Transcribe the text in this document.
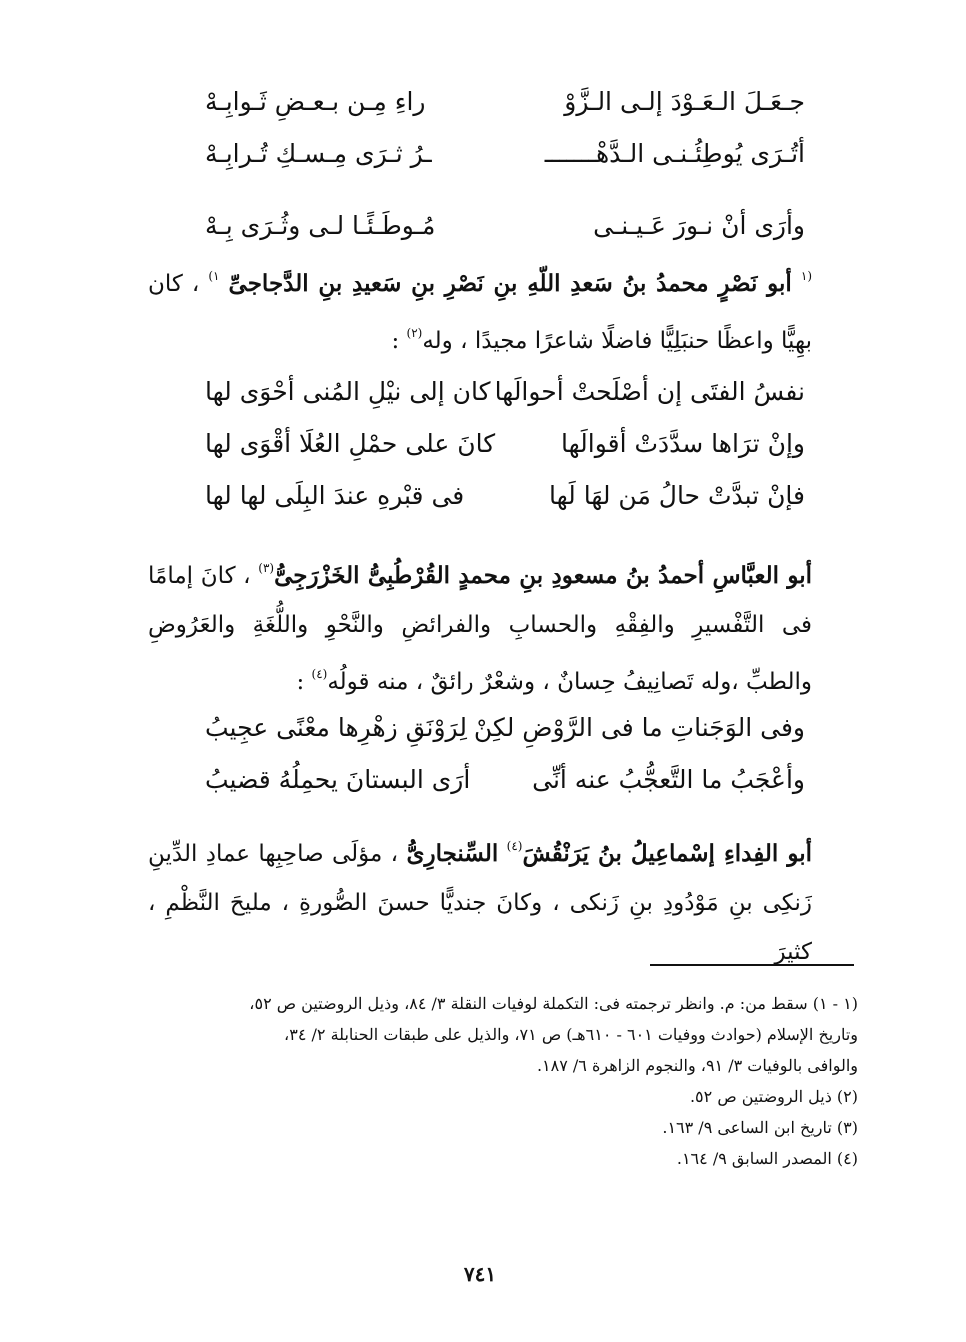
جـعَـلَ الـعَـوْدَ إلـى الـزَّوْ
راءِ مِـن بـعـضِ ثَـوابِـهْ
أتُـرَى يُوطِئُـنـى الـدَّهْـــــــ
ـرُ ثـرَى مِـسـكِ تُـرابِـهْ
وأرَى أنْ نـورَ عَـيـنـى
مُـوطَـئًـا لـى وثُـرَى بِـهْ
$^{(١}$ أبو نَصْرٍ محمدُ بنُ سَعدِ اللّهِ بنِ نَصْرِ بنِ سَعيدِ بنِ الدَّجاجىِّ $^{١)}$ ، كان بهِيًّا واعظًا حنبَلِيًّا فاضلًا شاعرًا مجيدًا ، وله$^{(٢)}$ :
نفسُ الفتَى إن أصْلَحتْ أحوالَها
كان إلى نيْلِ المُنى أحْوَى لها
وإنْ ترَاها سدَّدَتْ أقوالَها
كانَ على حمْلِ العُلَا أقْوَى لها
فإنْ تبدَّتْ حالُ مَن لهَا لَها
فى قبْرهِ عندَ البِلَى لها لها
أبو العبَّاسِ أحمدُ بنُ مسعودِ بنِ محمدٍ القُرْطُبِىُّ الخَزْرَجِىُّ$^{(٣)}$ ، كانَ إمامًا فى التَّفْسيرِ والفِقْهِ والحسابِ والفرائضِ والنَّحْوِ واللُّغَةِ والعَرُوضِ والطبِّ ،وله تَصانِيفُ حِسانٌ ، وشعْرٌ رائقٌ ، منه قولُه$^{(٤)}$ :
وفى الوَجَناتِ ما فى الرَّوْضِ لكِنْ
لِرَوْنَقِ زهْرِها معْنًى عجِيبُ
وأعْجَبُ ما التَّعجُّبُ عنه أنِّى
أرَى البستانَ يحمِلُهُ قضيبُ
أبو الفِداءِ إسْماعِيلُ بنُ يَرَنْقُشَ$^{(٤)}$ السِّنجارِىُّ ، مؤلَى صاحِبِها عمادِ الدِّينِ زَنكِى بنِ مَوْدُودِ بنِ زَنكى ، وكانَ جنديًّا حسنَ الصُّورةِ ، مليحَ النَّظْمِ ، كثيرَ
(١ - ١) سقط من: م. وانظر ترجمته فى: التكملة لوفيات النقلة ٣/ ٨٤، وذيل الروضتين ص ٥٢،
وتاريخ الإسلام (حوادث ووفيات ٦٠١ - ٦١٠هـ) ص ٧١، والذيل على طبقات الحنابلة ٢/ ٣٤،
والوافى بالوفيات ٣/ ٩١، والنجوم الزاهرة ٦/ ١٨٧.
(٢) ذيل الروضتين ص ٥٢.
(٣) تاريخ ابن الساعى ٩/ ١٦٣.
(٤) المصدر السابق ٩/ ١٦٤.
٧٤١
